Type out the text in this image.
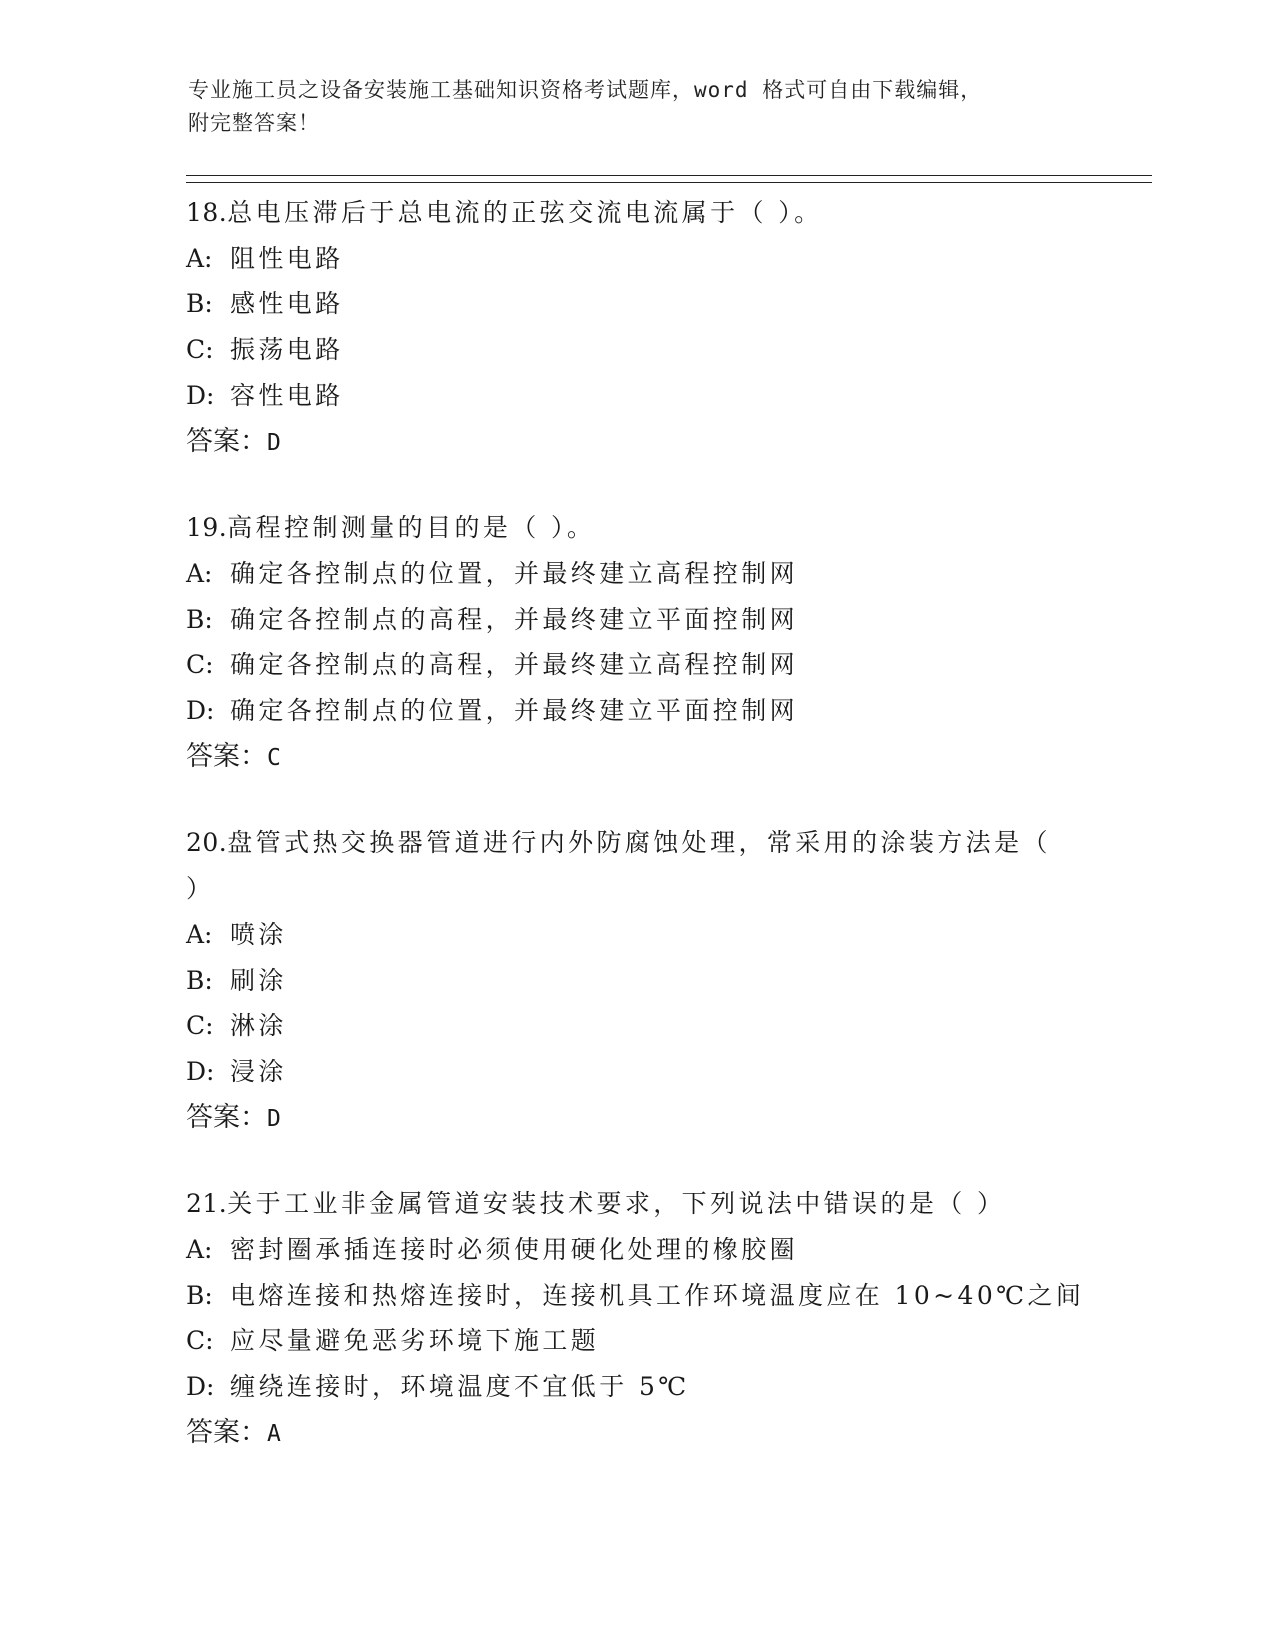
专业施工员之设备安装施工基础知识资格考试题库，word 格式可自由下载编辑，
附完整答案！
18.总电压滞后于总电流的正弦交流电流属于（ ）。
A: 阻性电路
B: 感性电路
C: 振荡电路
D: 容性电路
答案：D
19.高程控制测量的目的是（ ）。
A: 确定各控制点的位置，并最终建立高程控制网
B: 确定各控制点的高程，并最终建立平面控制网
C: 确定各控制点的高程，并最终建立高程控制网
D: 确定各控制点的位置，并最终建立平面控制网
答案：C
20.盘管式热交换器管道进行内外防腐蚀处理，常采用的涂装方法是（
）
A: 喷涂
B: 刷涂
C: 淋涂
D: 浸涂
答案：D
21.关于工业非金属管道安装技术要求，下列说法中错误的是（ ）
A: 密封圈承插连接时必须使用硬化处理的橡胶圈
B: 电熔连接和热熔连接时，连接机具工作环境温度应在 10~40℃之间
C: 应尽量避免恶劣环境下施工题
D: 缠绕连接时，环境温度不宜低于 5℃
答案：A
